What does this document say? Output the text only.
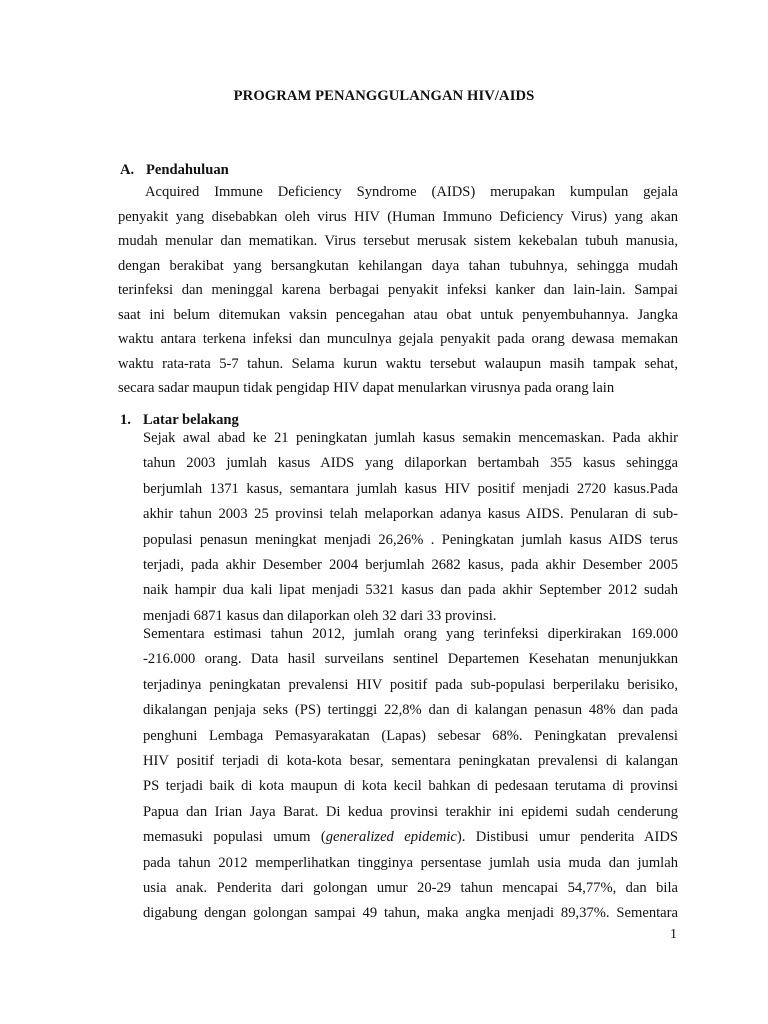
PROGRAM PENANGGULANGAN HIV/AIDS
A. Pendahuluan
Acquired Immune Deficiency Syndrome (AIDS) merupakan kumpulan gejala
penyakit yang disebabkan oleh virus HIV (Human Immuno Deficiency Virus) yang akan
mudah menular dan mematikan. Virus tersebut merusak sistem kekebalan tubuh manusia,
dengan berakibat yang bersangkutan kehilangan daya tahan tubuhnya, sehingga mudah
terinfeksi dan meninggal karena berbagai penyakit infeksi kanker dan lain-lain. Sampai
saat ini belum ditemukan vaksin pencegahan atau obat untuk penyembuhannya. Jangka
waktu antara terkena infeksi dan munculnya gejala penyakit pada orang dewasa memakan
waktu rata-rata 5-7 tahun. Selama kurun waktu tersebut walaupun masih tampak sehat,
secara sadar maupun tidak pengidap HIV dapat menularkan virusnya pada orang lain
1. Latar belakang
Sejak awal abad ke 21 peningkatan jumlah kasus semakin mencemaskan. Pada akhir
tahun 2003 jumlah kasus AIDS yang dilaporkan bertambah 355 kasus sehingga
berjumlah 1371 kasus, semantara jumlah kasus HIV positif menjadi 2720 kasus.Pada
akhir tahun 2003 25 provinsi telah melaporkan adanya kasus AIDS. Penularan di sub-
populasi penasun meningkat menjadi 26,26% . Peningkatan jumlah kasus AIDS terus
terjadi, pada akhir Desember 2004 berjumlah 2682 kasus, pada akhir Desember 2005
naik hampir dua kali lipat menjadi 5321 kasus dan pada akhir September 2012 sudah
menjadi 6871 kasus dan dilaporkan oleh 32 dari 33 provinsi.
Sementara estimasi tahun 2012, jumlah orang yang terinfeksi diperkirakan 169.000
-216.000 orang. Data hasil surveilans sentinel Departemen Kesehatan menunjukkan
terjadinya peningkatan prevalensi HIV positif pada sub-populasi berperilaku berisiko,
dikalangan penjaja seks (PS) tertinggi 22,8% dan di kalangan penasun 48% dan pada
penghuni Lembaga Pemasyarakatan (Lapas) sebesar 68%. Peningkatan prevalensi
HIV positif terjadi di kota-kota besar, sementara peningkatan prevalensi di kalangan
PS terjadi baik di kota maupun di kota kecil bahkan di pedesaan terutama di provinsi
Papua dan Irian Jaya Barat. Di kedua provinsi terakhir ini epidemi sudah cenderung
memasuki populasi umum (generalized epidemic). Distibusi umur penderita AIDS
pada tahun 2012 memperlihatkan tingginya persentase jumlah usia muda dan jumlah
usia anak. Penderita dari golongan umur 20-29 tahun mencapai 54,77%, dan bila
digabung dengan golongan sampai 49 tahun, maka angka menjadi 89,37%. Sementara
1
